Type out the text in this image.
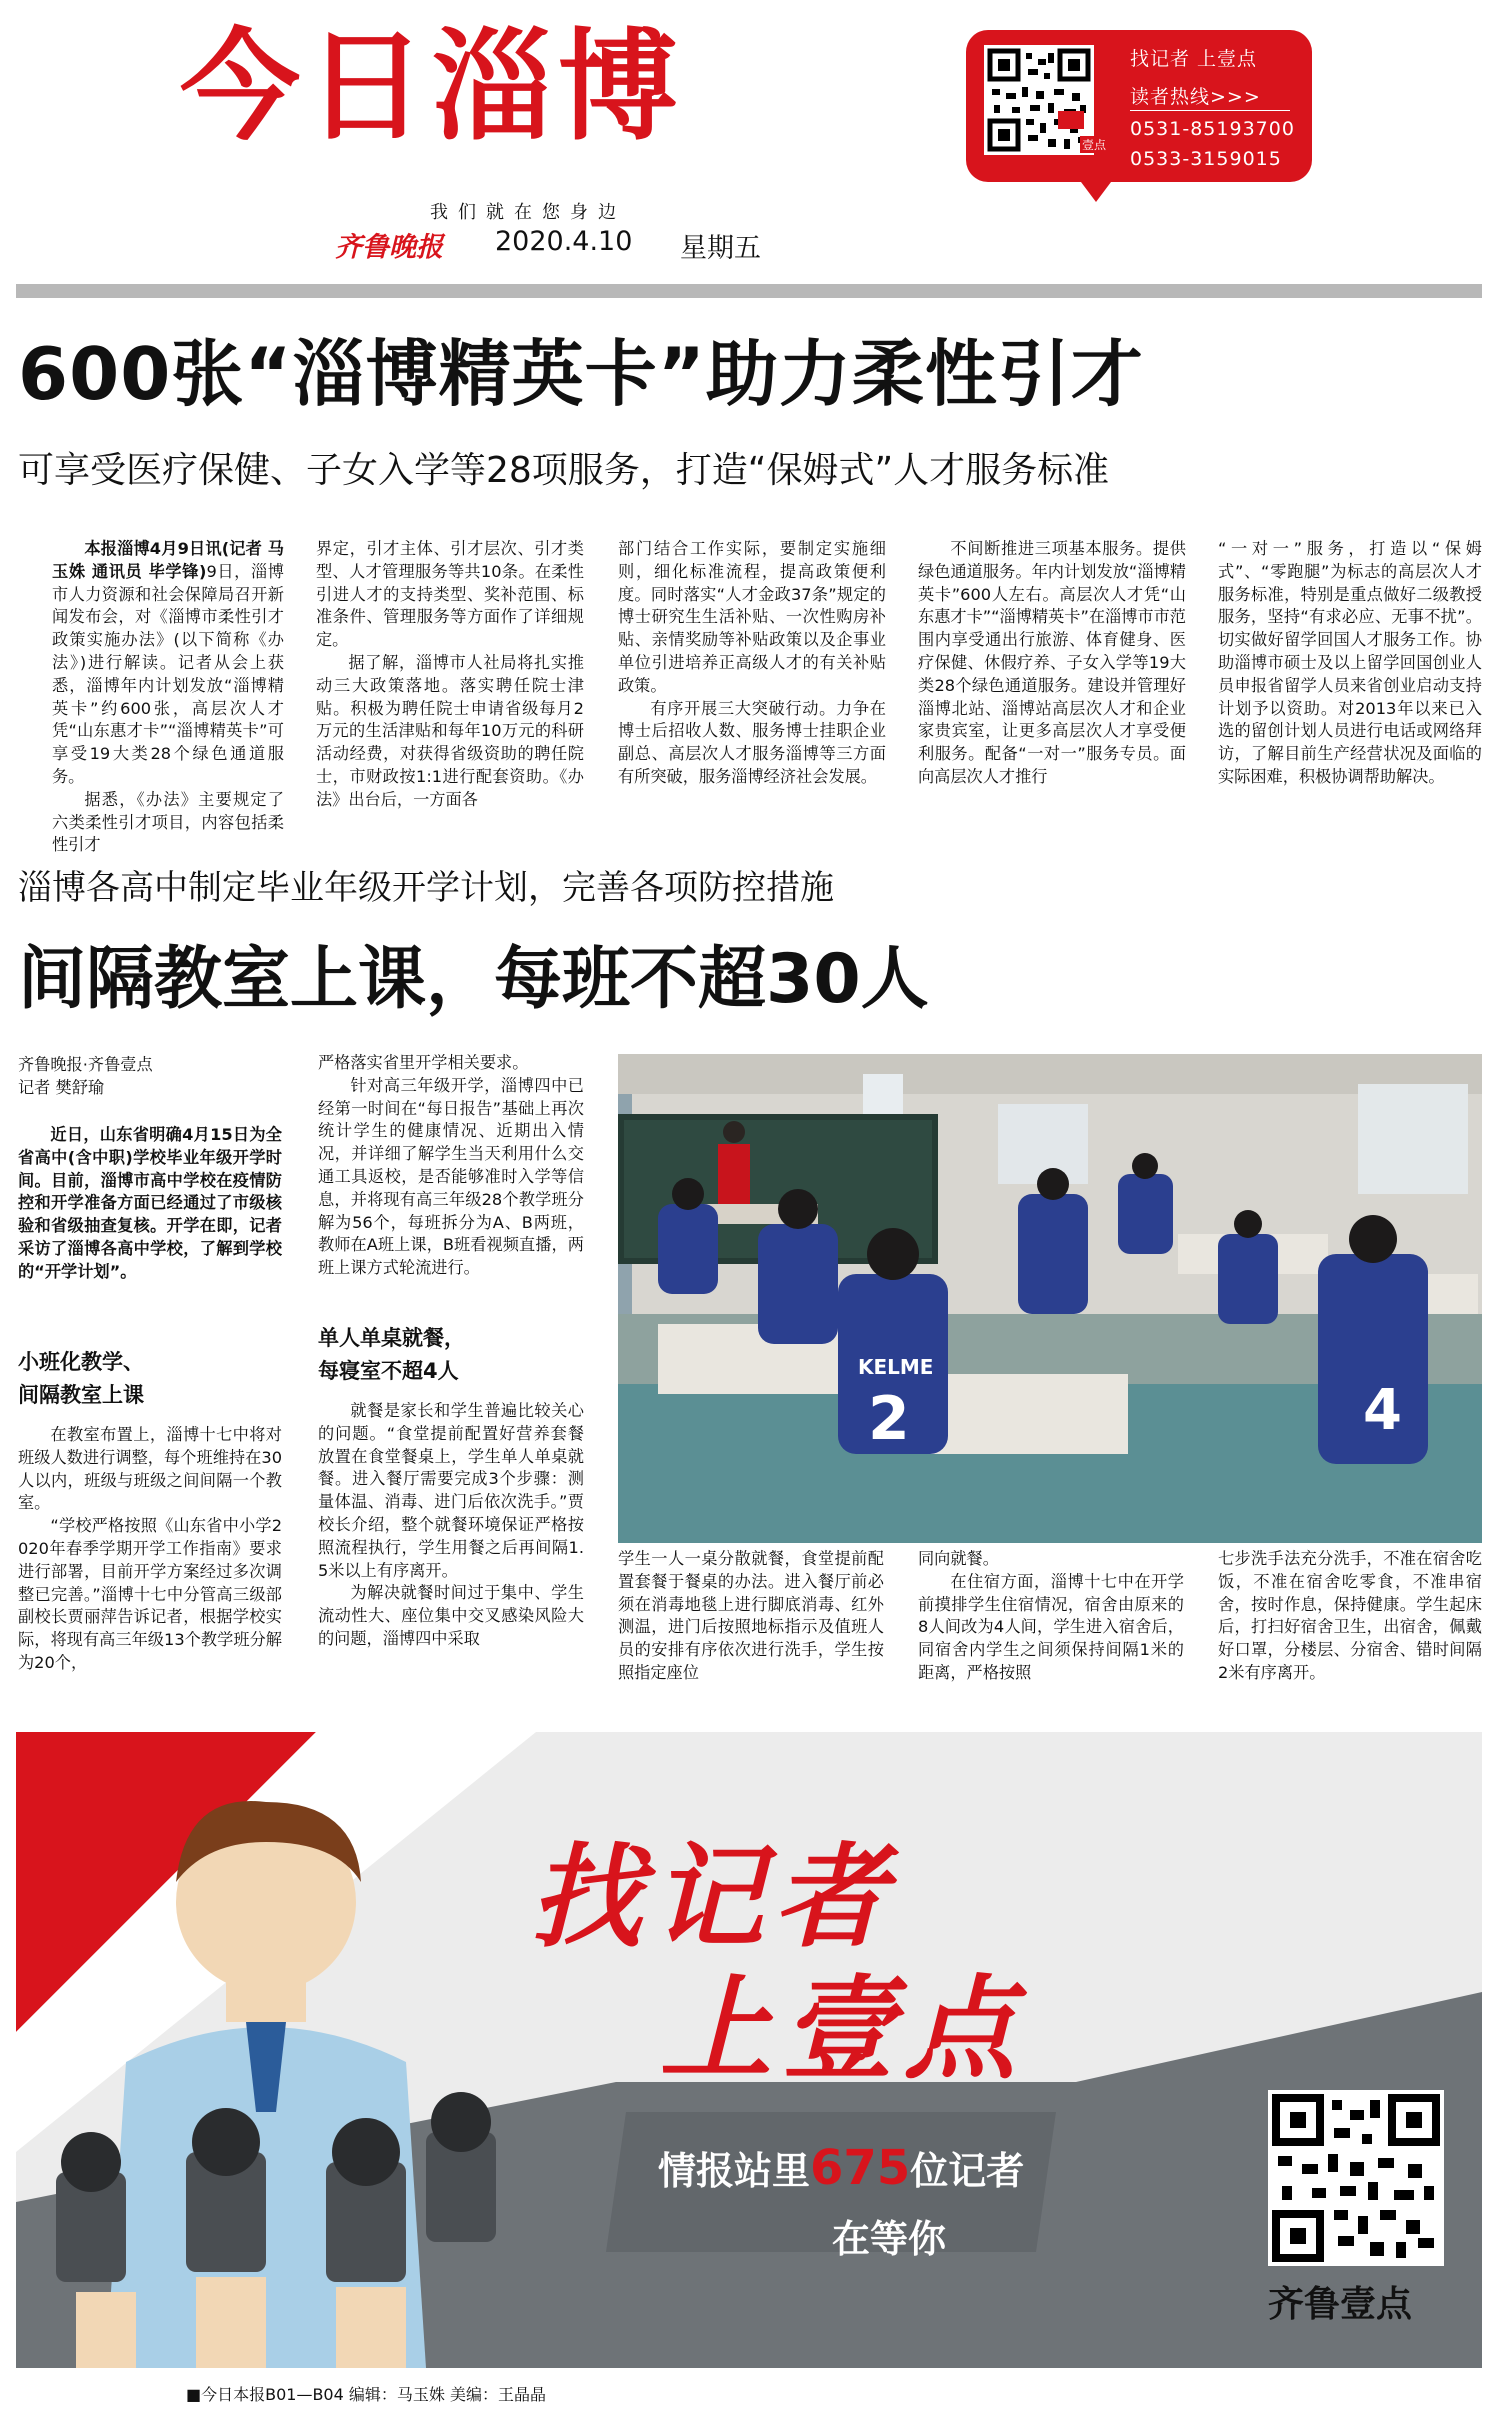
今日淄博
我们就在您身边
齐鲁晚报 2020.4.10 星期五
壹点
找记者 上壹点
读者热线>>>
0531-85193700
0533-3159015
600张“淄博精英卡”助力柔性引才
可享受医疗保健、子女入学等28项服务，打造“保姆式”人才服务标准

本报淄博4月9日讯(记者 马玉姝 通讯员 毕学锋)9日，淄博市人力资源和社会保障局召开新闻发布会，对《淄博市柔性引才政策实施办法》(以下简称《办法》)进行解读。记者从会上获悉，淄博年内计划发放“淄博精英卡”约600张，高层次人才凭“山东惠才卡”“淄博精英卡”可享受19大类28个绿色通道服务。

据悉，《办法》主要规定了六类柔性引才项目，内容包括柔性引才

界定，引才主体、引才层次、引才类型、人才管理服务等共10条。在柔性引进人才的支持类型、奖补范围、标准条件、管理服务等方面作了详细规定。

据了解，淄博市人社局将扎实推动三大政策落地。落实聘任院士津贴。积极为聘任院士申请省级每月2万元的生活津贴和每年10万元的科研活动经费，对获得省级资助的聘任院士，市财政按1:1进行配套资助。《办法》出台后，一方面各

部门结合工作实际，要制定实施细则，细化标准流程，提高政策便利度。同时落实“人才金政37条”规定的博士研究生生活补贴、一次性购房补贴、亲情奖励等补贴政策以及企事业单位引进培养正高级人才的有关补贴政策。

有序开展三大突破行动。力争在博士后招收人数、服务博士挂职企业副总、高层次人才服务淄博等三方面有所突破，服务淄博经济社会发展。

不间断推进三项基本服务。提供绿色通道服务。年内计划发放“淄博精英卡”600人左右。高层次人才凭“山东惠才卡”“淄博精英卡”在淄博市市范围内享受通出行旅游、体育健身、医疗保健、休假疗养、子女入学等19大类28个绿色通道服务。建设并管理好淄博北站、淄博站高层次人才和企业家贵宾室，让更多高层次人才享受便利服务。配备“一对一”服务专员。面向高层次人才推行

“一对一”服务，打造以“保姆式”、“零跑腿”为标志的高层次人才服务标准，特别是重点做好二级教授服务，坚持“有求必应、无事不扰”。切实做好留学回国人才服务工作。协助淄博市硕士及以上留学回国创业人员申报省留学人员来省创业启动支持计划予以资助。对2013年以来已入选的留创计划人员进行电话或网络拜访，了解目前生产经营状况及面临的实际困难，积极协调帮助解决。

淄博各高中制定毕业年级开学计划，完善各项防控措施
间隔教室上课，每班不超30人
齐鲁晚报·齐鲁壹点
记者 樊舒瑜

近日，山东省明确4月15日为全省高中(含中职)学校毕业年级开学时间。目前，淄博市高中学校在疫情防控和开学准备方面已经通过了市级核验和省级抽查复核。开学在即，记者采访了淄博各高中学校，了解到学校的“开学计划”。

小班化教学、
间隔教室上课

在教室布置上，淄博十七中将对班级人数进行调整，每个班维持在30人以内，班级与班级之间间隔一个教室。

“学校严格按照《山东省中小学2020年春季学期开学工作指南》要求进行部署，目前开学方案经过多次调整已完善。”淄博十七中分管高三级部副校长贾丽萍告诉记者，根据学校实际，将现有高三年级13个教学班分解为20个，

严格落实省里开学相关要求。

针对高三年级开学，淄博四中已经第一时间在“每日报告”基础上再次统计学生的健康情况、近期出入情况，并详细了解学生当天利用什么交通工具返校，是否能够准时入学等信息，并将现有高三年级28个教学班分解为56个，每班拆分为A、B两班，教师在A班上课，B班看视频直播，两班上课方式轮流进行。

单人单桌就餐，
每寝室不超4人

就餐是家长和学生普遍比较关心的问题。“食堂提前配置好营养套餐放置在食堂餐桌上，学生单人单桌就餐。进入餐厅需要完成3个步骤：测量体温、消毒、进门后依次洗手。”贾校长介绍，整个就餐环境保证严格按照流程执行，学生用餐之后再间隔1.5米以上有序离开。

为解决就餐时间过于集中、学生流动性大、座位集中交叉感染风险大的问题，淄博四中采取

KELME
2	4

学生一人一桌分散就餐，食堂提前配置套餐于餐桌的办法。进入餐厅前必须在消毒地毯上进行脚底消毒、红外测温，进门后按照地标指示及值班人员的安排有序依次进行洗手，学生按照指定座位

同向就餐。

在住宿方面，淄博十七中在开学前摸排学生住宿情况，宿舍由原来的8人间改为4人间，学生进入宿舍后，同宿舍内学生之间须保持间隔1米的距离，严格按照

七步洗手法充分洗手，不准在宿舍吃饭，不准在宿舍吃零食，不准串宿舍，按时作息，保持健康。学生起床后，打扫好宿舍卫生，出宿舍，佩戴好口罩，分楼层、分宿舍、错时间隔2米有序离开。

找记者
上壹点
情报站里675位记者
在等你
齐鲁壹点
■今日本报B01—B04 编辑：马玉姝 美编：王晶晶
